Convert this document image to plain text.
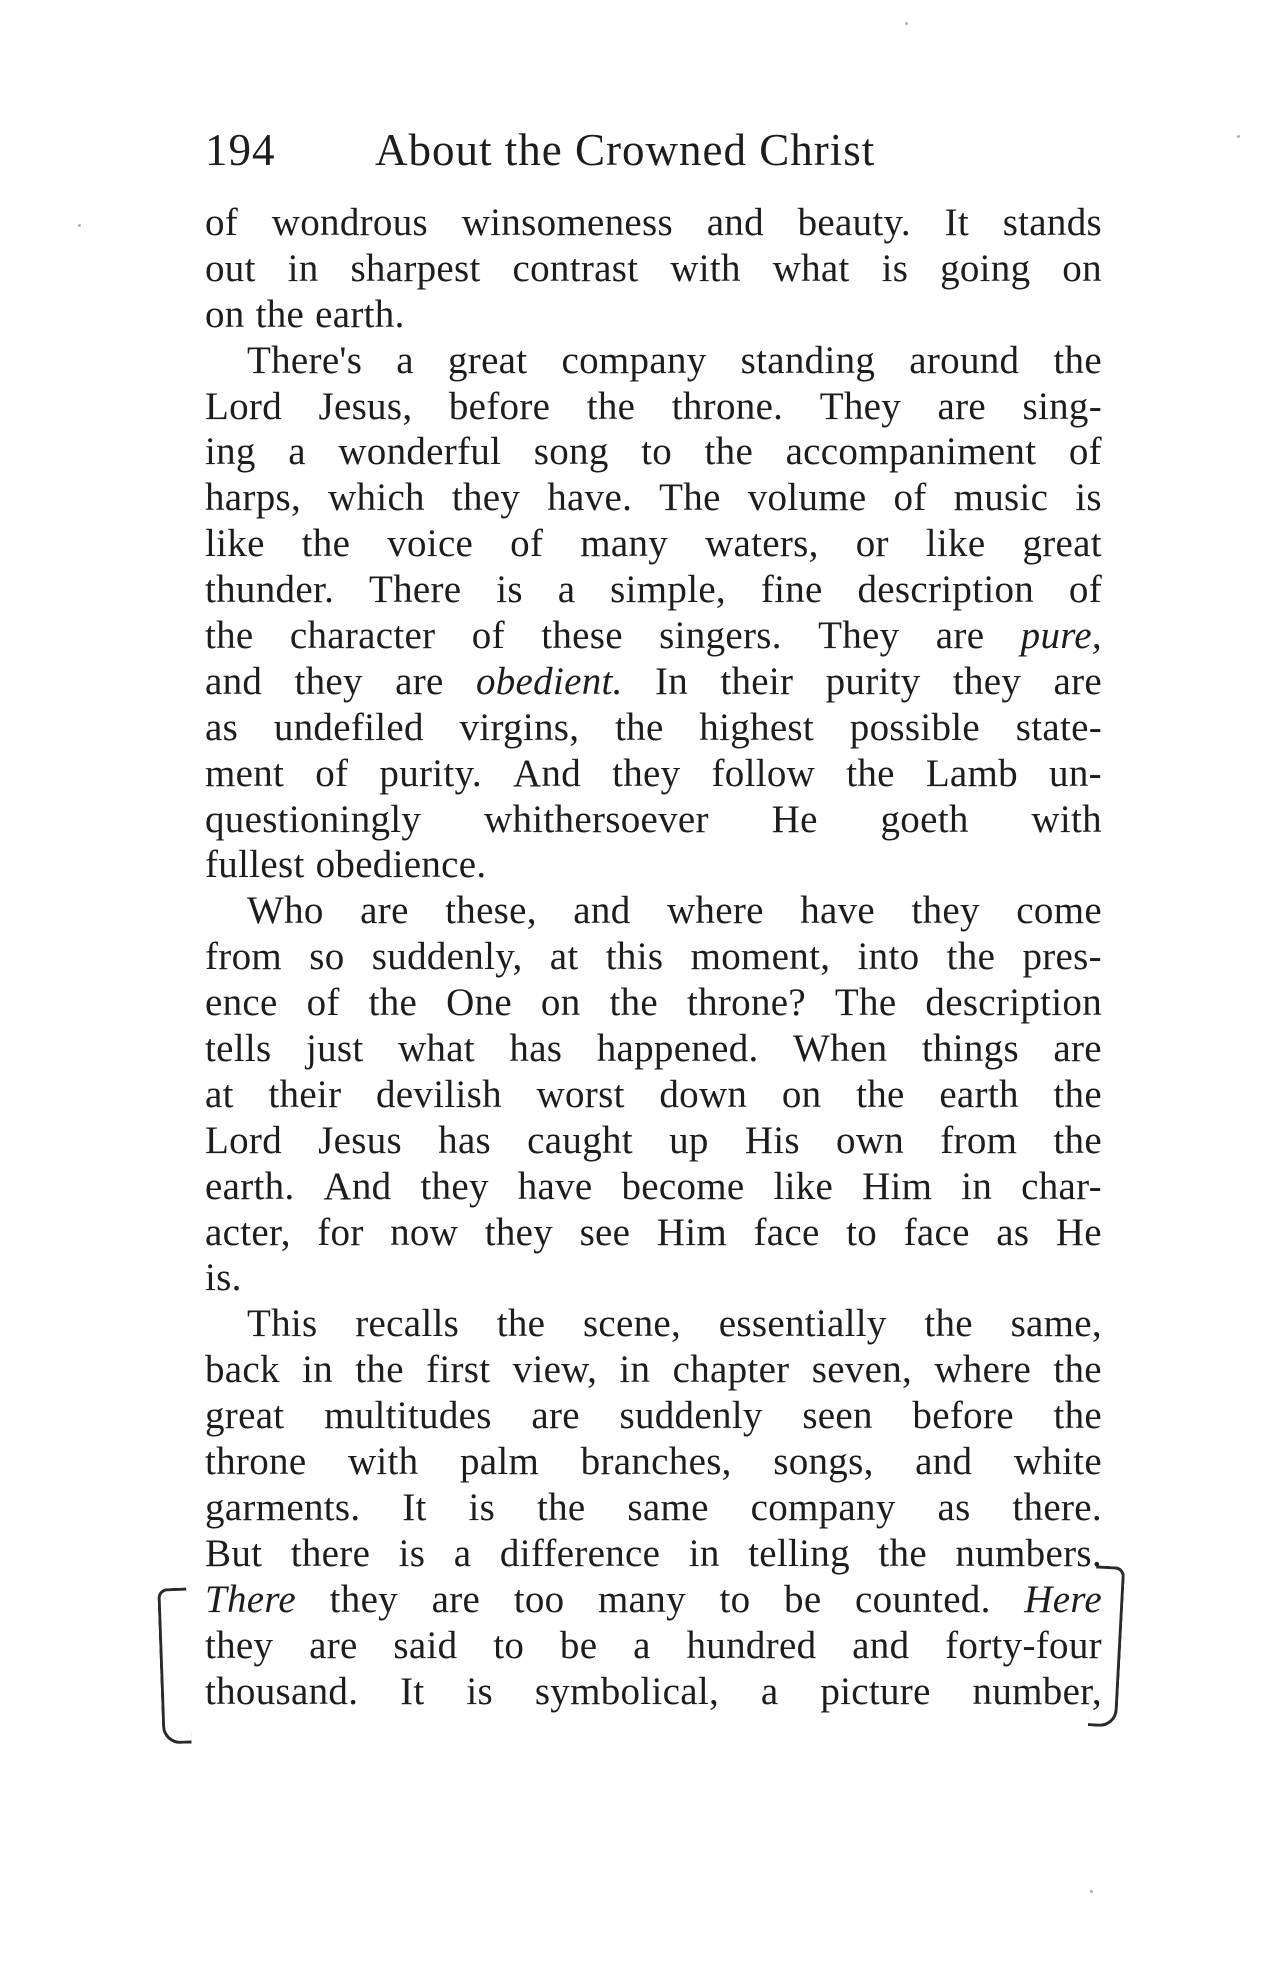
194 About the Crowned Christ
of wondrous winsomeness and beauty. It stands
out in sharpest contrast with what is going on
on the earth.
There's a great company standing around the
Lord Jesus, before the throne. They are sing-
ing a wonderful song to the accompaniment of
harps, which they have. The volume of music is
like the voice of many waters, or like great
thunder. There is a simple, fine description of
the character of these singers. They are pure,
and they are obedient. In their purity they are
as undefiled virgins, the highest possible state-
ment of purity. And they follow the Lamb un-
questioningly whithersoever He goeth with
fullest obedience.
Who are these, and where have they come
from so suddenly, at this moment, into the pres-
ence of the One on the throne? The description
tells just what has happened. When things are
at their devilish worst down on the earth the
Lord Jesus has caught up His own from the
earth. And they have become like Him in char-
acter, for now they see Him face to face as He
is.
This recalls the scene, essentially the same,
back in the first view, in chapter seven, where the
great multitudes are suddenly seen before the
throne with palm branches, songs, and white
garments. It is the same company as there.
But there is a difference in telling the numbers.
There they are too many to be counted. Here
they are said to be a hundred and forty-four
thousand. It is symbolical, a picture number,
